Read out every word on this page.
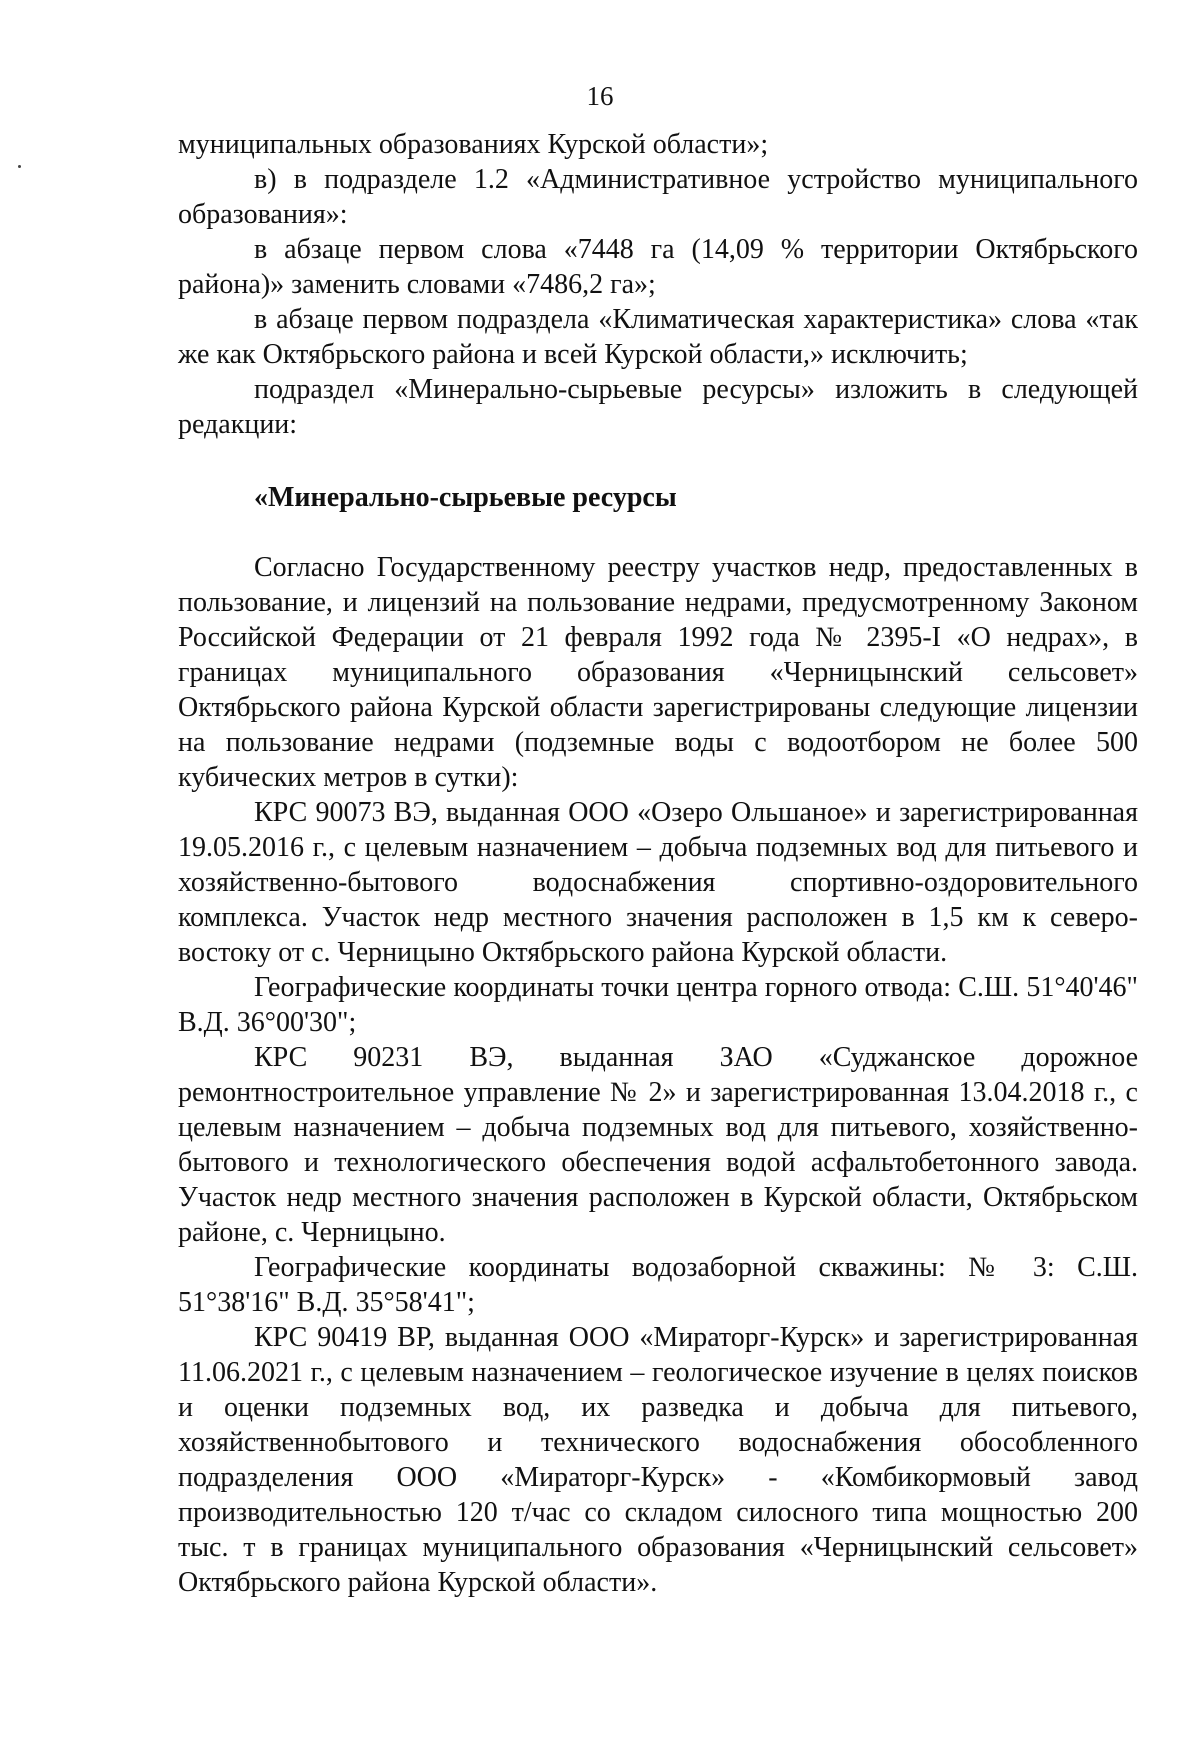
16

муниципальных образованиях Курской области»;

в) в подразделе 1.2 «Административное устройство муниципального образования»:

в абзаце первом слова «7448 га (14,09 % территории Октябрьского района)» заменить словами «7486,2 га»;

в абзаце первом подраздела «Климатическая характеристика» слова «так же как Октябрьского района и всей Курской области,» исключить;

подраздел «Минерально-сырьевые ресурсы» изложить в следующей редакции:

«Минерально-сырьевые ресурсы

Согласно Государственному реестру участков недр, предоставленных в пользование, и лицензий на пользование недрами, предусмотренному Законом Российской Федерации от 21 февраля 1992 года № 2395-I «О недрах», в границах муниципального образования «Черницынский сельсовет» Октябрьского района Курской области зарегистрированы следующие лицензии на пользование недрами (подземные воды с водоотбором не более 500 кубических метров в сутки):

КРС 90073 ВЭ, выданная ООО «Озеро Ольшаное» и зарегистрированная 19.05.2016 г., с целевым назначением – добыча подземных вод для питьевого и хозяйственно-бытового водоснабжения спортивно-оздоровительного комплекса. Участок недр местного значения расположен в 1,5 км к северо-востоку от с. Черницыно Октябрьского района Курской области.

Географические координаты точки центра горного отвода: С.Ш. 51°40'46" В.Д. 36°00'30";

КРС 90231 ВЭ, выданная ЗАО «Суджанское дорожное ремонтностроительное управление № 2» и зарегистрированная 13.04.2018 г., с целевым назначением – добыча подземных вод для питьевого, хозяйственно-бытового и технологического обеспечения водой асфальтобетонного завода. Участок недр местного значения расположен в Курской области, Октябрьском районе, с. Черницыно.

Географические координаты водозаборной скважины: № 3: С.Ш. 51°38'16" В.Д. 35°58'41";

КРС 90419 ВР, выданная ООО «Мираторг-Курск» и зарегистрированная 11.06.2021 г., с целевым назначением – геологическое изучение в целях поисков и оценки подземных вод, их разведка и добыча для питьевого, хозяйственнобытового и технического водоснабжения обособленного подразделения ООО «Мираторг-Курск» - «Комбикормовый завод производительностью 120 т/час со складом силосного типа мощностью 200 тыс. т в границах муниципального образования «Черницынский сельсовет» Октябрьского района Курской области».
